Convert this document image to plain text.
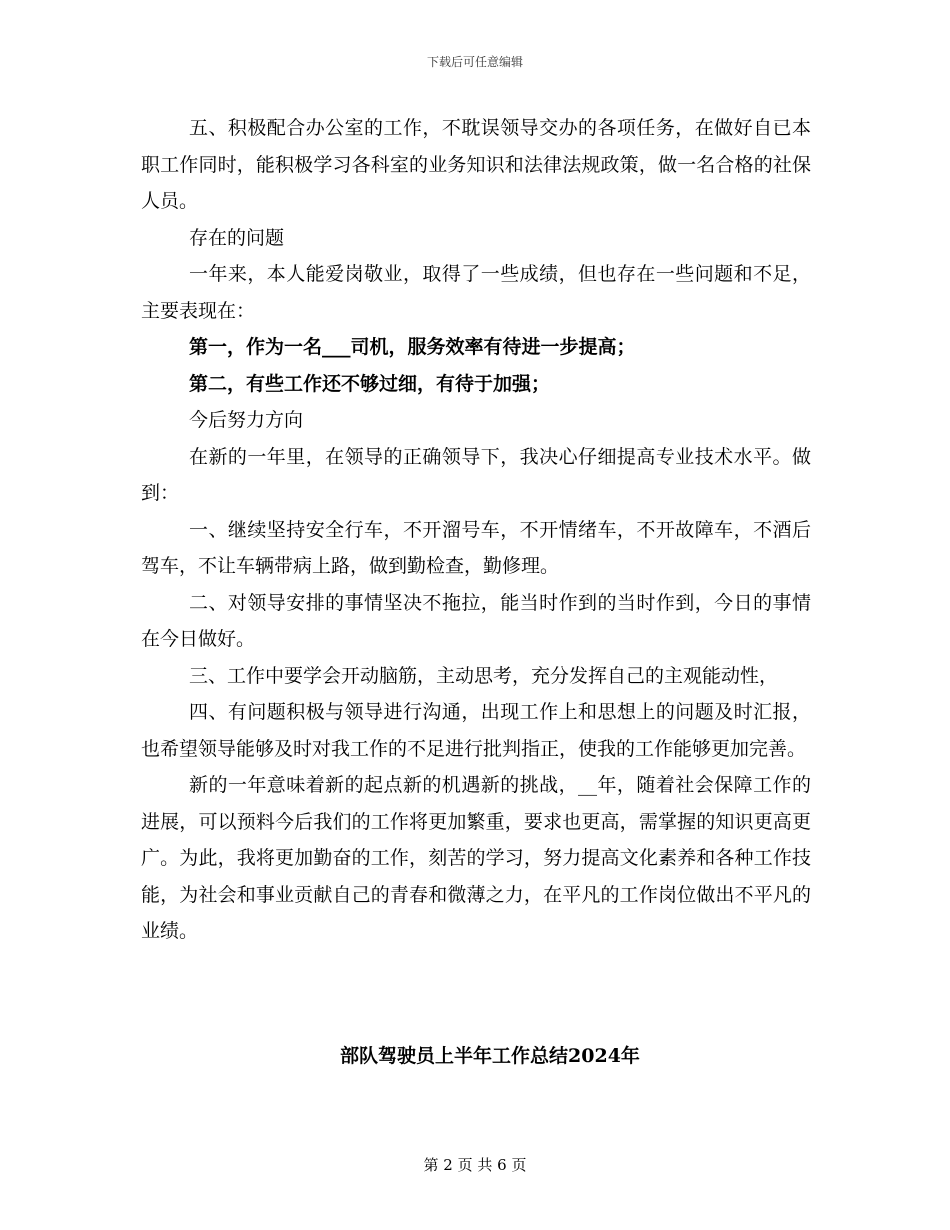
下载后可任意编辑

五、积极配合办公室的工作，不耽误领导交办的各项任务，在做好自已本职工作同时，能积极学习各科室的业务知识和法律法规政策，做一名合格的社保人员。

存在的问题

一年来，本人能爱岗敬业，取得了一些成绩，但也存在一些问题和不足，主要表现在：

第一，作为一名___司机，服务效率有待进一步提高；

第二，有些工作还不够过细，有待于加强；

今后努力方向

在新的一年里，在领导的正确领导下，我决心仔细提高专业技术水平。做到：

一、继续坚持安全行车，不开溜号车，不开情绪车，不开故障车，不酒后驾车，不让车辆带病上路，做到勤检查，勤修理。

二、对领导安排的事情坚决不拖拉，能当时作到的当时作到，今日的事情在今日做好。

三、工作中要学会开动脑筋，主动思考，充分发挥自己的主观能动性，

四、有问题积极与领导进行沟通，出现工作上和思想上的问题及时汇报，也希望领导能够及时对我工作的不足进行批判指正，使我的工作能够更加完善。

新的一年意味着新的起点新的机遇新的挑战，__年，随着社会保障工作的进展，可以预料今后我们的工作将更加繁重，要求也更高，需掌握的知识更高更广。为此，我将更加勤奋的工作，刻苦的学习，努力提高文化素养和各种工作技能，为社会和事业贡献自己的青春和微薄之力，在平凡的工作岗位做出不平凡的业绩。

部队驾驶员上半年工作总结2024年
第 2 页 共 6 页
